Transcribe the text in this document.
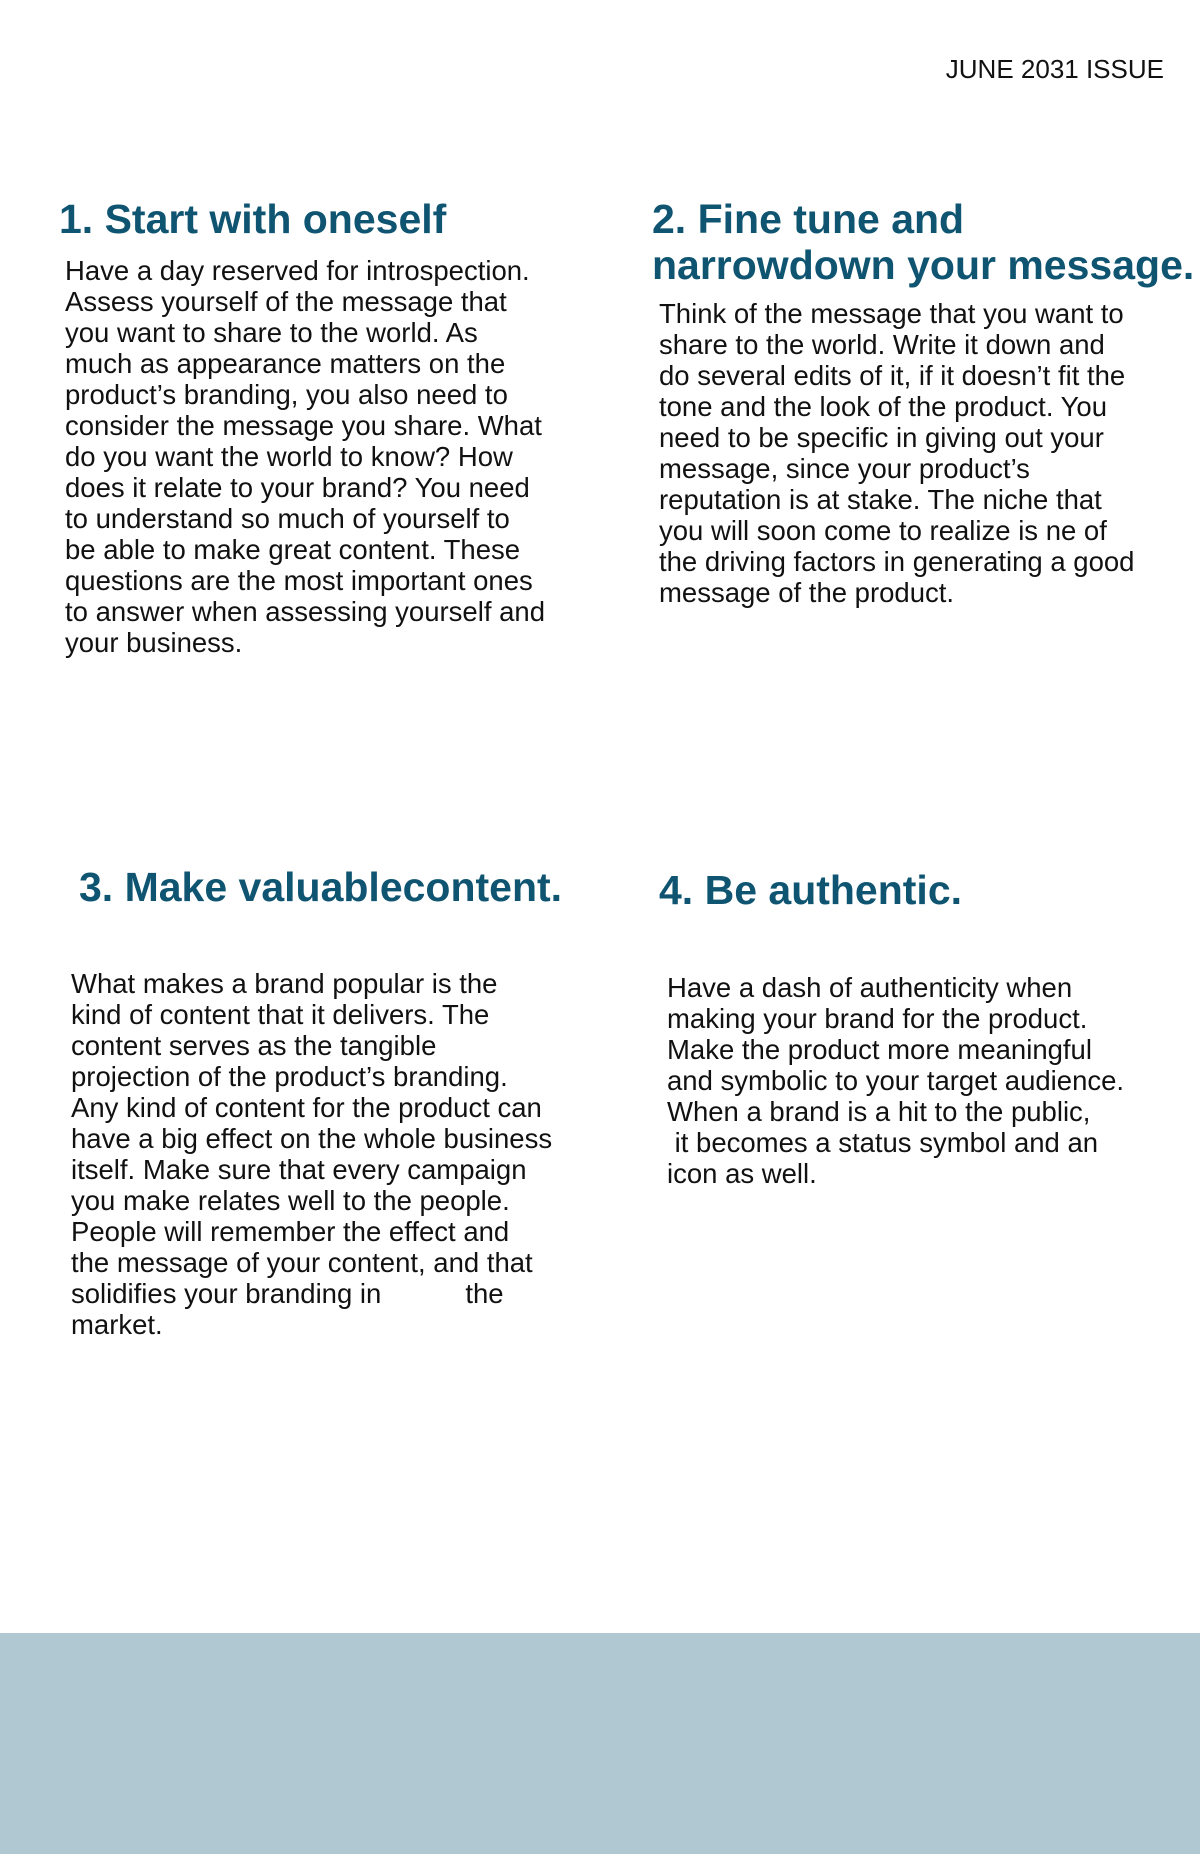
JUNE 2031 ISSUE
1. Start with oneself
Have a day reserved for introspection.
Assess yourself of the message that
you want to share to the world. As
much as appearance matters on the
product’s branding, you also need to
consider the message you share. What
do you want the world to know? How
does it relate to your brand? You need
to understand so much of yourself to
be able to make great content. These
questions are the most important ones
to answer when assessing yourself and
your business.
2. Fine tune and narrowdown your message.
Think of the message that you want to
share to the world. Write it down and
do several edits of it, if it doesn’t fit the
tone and the look of the product. You
need to be specific in giving out your
message, since your product’s
reputation is at stake. The niche that
you will soon come to realize is ne of
the driving factors in generating a good
message of the product.
3. Make valuablecontent.
What makes a brand popular is the
kind of content that it delivers. The
content serves as the tangible
projection of the product’s branding.
Any kind of content for the product can
have a big effect on the whole business
itself. Make sure that every campaign
you make relates well to the people.
People will remember the effect and
the message of your content, and that
solidifies your branding in           the
market.
4. Be authentic.
Have a dash of authenticity when
making your brand for the product.
Make the product more meaningful
and symbolic to your target audience.
When a brand is a hit to the public,
it becomes a status symbol and an
icon as well.
